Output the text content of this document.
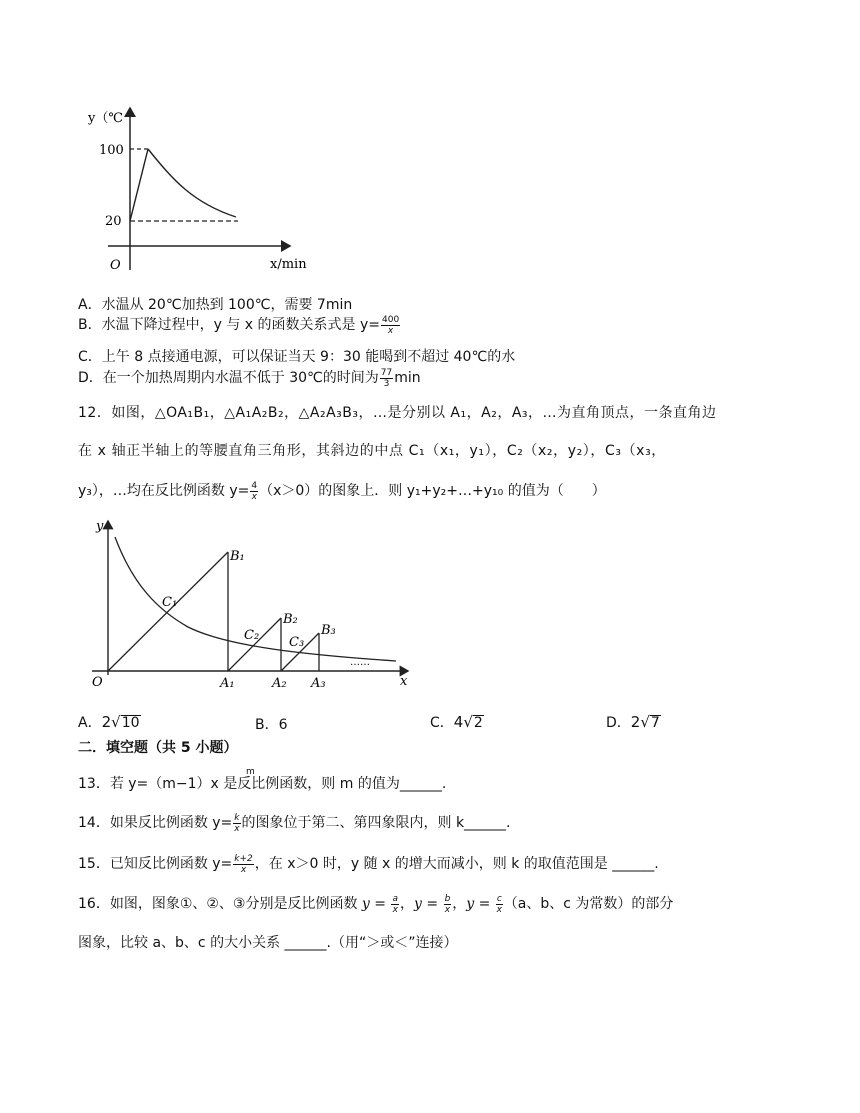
y（℃
100
20
O	x/min
A．水温从 20℃加热到 100℃，需要 7min
B．水温下降过程中，y 与 x 的函数关系式是 $y= \frac{400}{x}$
C．上午 8 点接通电源，可以保证当天 9：30 能喝到不超过 40℃的水
D．在一个加热周期内水温不低于 30℃的时间为 $\frac{77}{3}$ min
12．如图，△OA₁B₁，△A₁A₂B₂，△A₂A₃B₃，…是分别以 A₁，A₂，A₃，…为直角顶点，一条直角边
在 x 轴正半轴上的等腰直角三角形，其斜边的中点 C₁（x₁，y₁），C₂（x₂，y₂），C₃（x₃，
y₃），…均在反比例函数 $y= \frac{4}{x} (x>0)$的图象上．则 y₁+y₂+…+y₁₀ 的值为（　　）
y
x
O
B₁
B₂
B₃
C₁
C₂ C₃
A₁	A₂ A₃
……
A．2√10	B．6	C．4√2	D．2√7
二．填空题（共 5 小题）
13．若 y=（m−1）x 是反比例函数，则 m 的值为______.
m
14．如果反比例函数 $y= \frac{k}{x}$ 的图象位于第二、第四象限内，则 k______.
15．已知反比例函数 $y= \frac{k+2}{x}$ ，在 x＞0 时，y 随 x 的增大而减小，则 k 的取值范围是 ______.
16．如图，图象①、②、③分别是反比例函数 $y = \frac{a}{x}$ ，$y = \frac{b}{x}$ ，$y = \frac{c}{x} (a$、b、c 为常数）的部分
图象，比较 a、b、c 的大小关系 ______.（用“＞或＜”连接）
